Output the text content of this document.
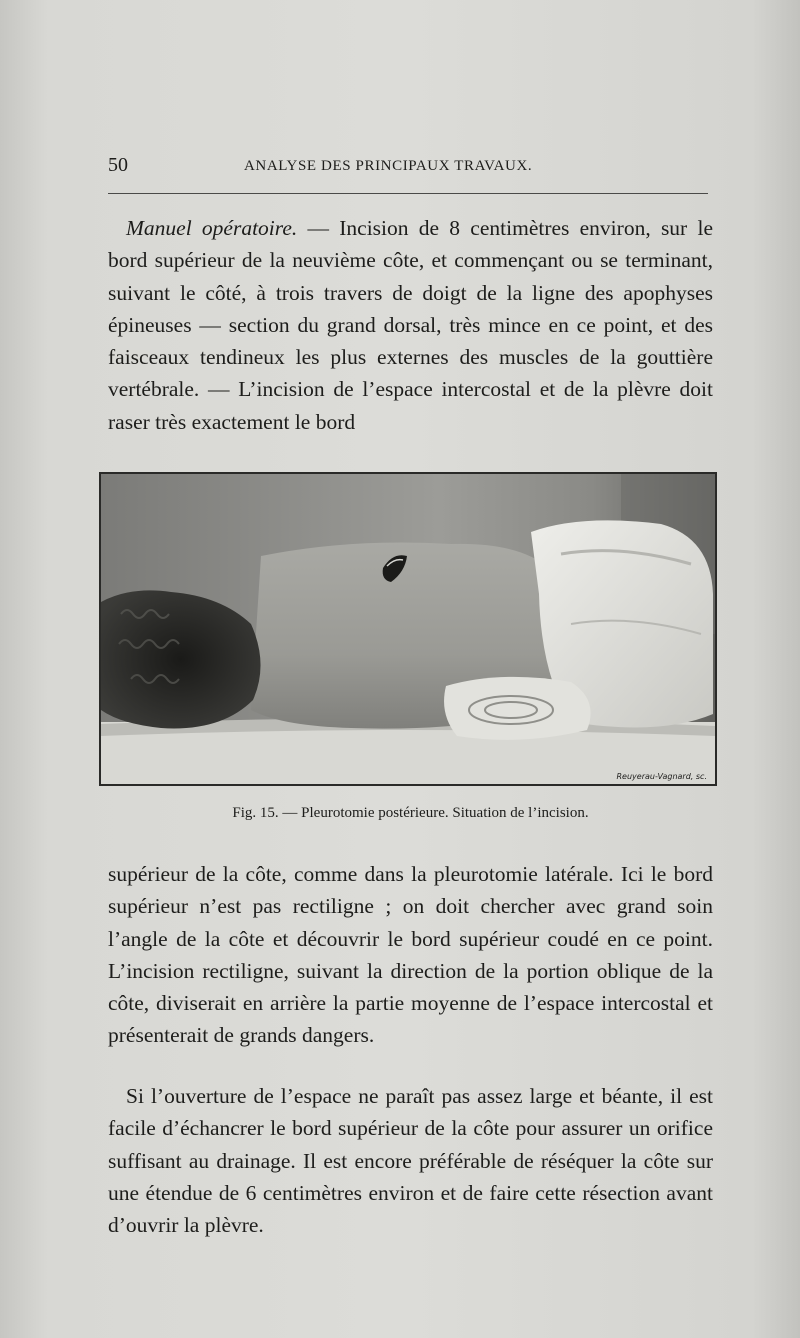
50	ANALYSE DES PRINCIPAUX TRAVAUX.

Manuel opératoire. — Incision de 8 centimètres environ, sur le bord supérieur de la neuvième côte, et commençant ou se terminant, suivant le côté, à trois travers de doigt de la ligne des apophyses épineuses — section du grand dorsal, très mince en ce point, et des faisceaux tendineux les plus externes des muscles de la gouttière vertébrale. — L’incision de l’espace intercostal et de la plèvre doit raser très exactement le bord

Reuyerau-Vagnard, sc.
Fig. 15. — Pleurotomie postérieure. Situation de l’incision.

supérieur de la côte, comme dans la pleurotomie latérale. Ici le bord supérieur n’est pas rectiligne ; on doit chercher avec grand soin l’angle de la côte et découvrir le bord supérieur coudé en ce point. L’incision rectiligne, suivant la direction de la portion oblique de la côte, diviserait en arrière la partie moyenne de l’espace intercostal et présenterait de grands dangers.

Si l’ouverture de l’espace ne paraît pas assez large et béante, il est facile d’échancrer le bord supérieur de la côte pour assurer un orifice suffisant au drainage. Il est encore préférable de réséquer la côte sur une étendue de 6 centimètres environ et de faire cette résection avant d’ouvrir la plèvre.
